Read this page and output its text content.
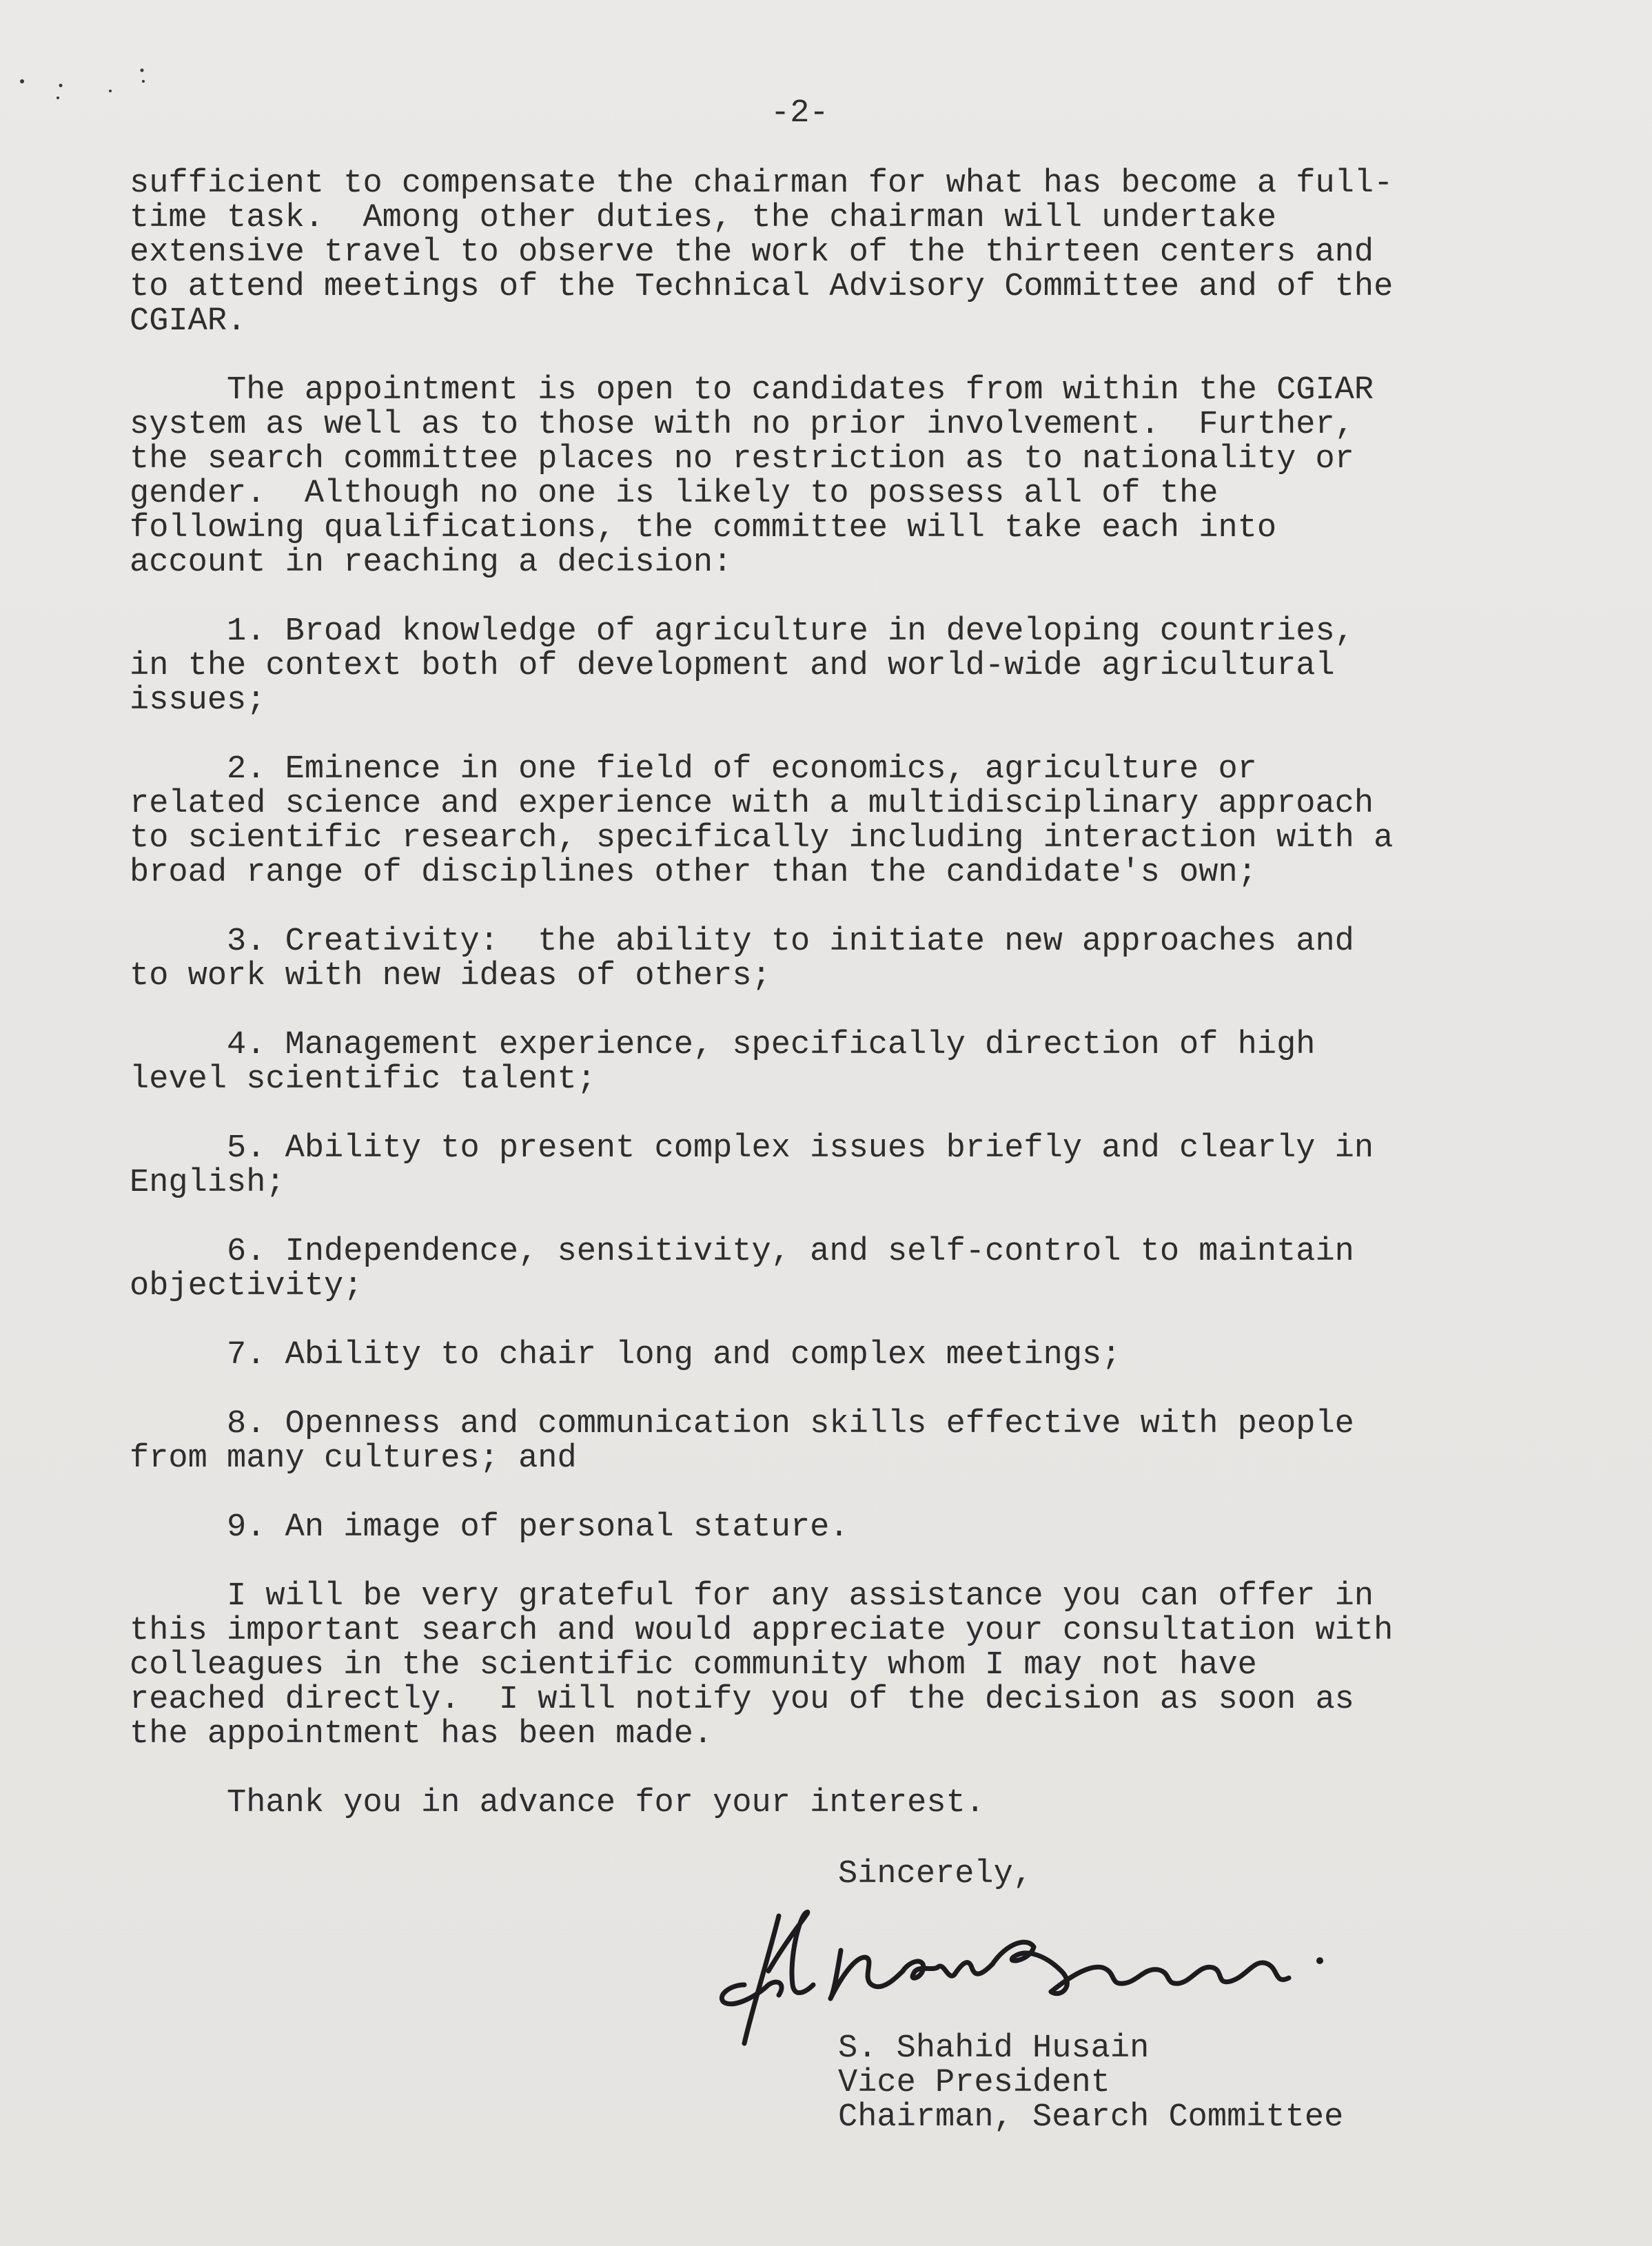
-2-
sufficient to compensate the chairman for what has become a full-
time task.  Among other duties, the chairman will undertake
extensive travel to observe the work of the thirteen centers and
to attend meetings of the Technical Advisory Committee and of the
CGIAR.
The appointment is open to candidates from within the CGIAR
system as well as to those with no prior involvement.  Further,
the search committee places no restriction as to nationality or
gender.  Although no one is likely to possess all of the
following qualifications, the committee will take each into
account in reaching a decision:
1. Broad knowledge of agriculture in developing countries,
in the context both of development and world-wide agricultural
issues;
2. Eminence in one field of economics, agriculture or
related science and experience with a multidisciplinary approach
to scientific research, specifically including interaction with a
broad range of disciplines other than the candidate's own;
3. Creativity:  the ability to initiate new approaches and
to work with new ideas of others;
4. Management experience, specifically direction of high
level scientific talent;
5. Ability to present complex issues briefly and clearly in
English;
6. Independence, sensitivity, and self-control to maintain
objectivity;
7. Ability to chair long and complex meetings;
8. Openness and communication skills effective with people
from many cultures; and
9. An image of personal stature.
I will be very grateful for any assistance you can offer in
this important search and would appreciate your consultation with
colleagues in the scientific community whom I may not have
reached directly.  I will notify you of the decision as soon as
the appointment has been made.
Thank you in advance for your interest.
Sincerely,
S. Shahid Husain
Vice President
Chairman, Search Committee
